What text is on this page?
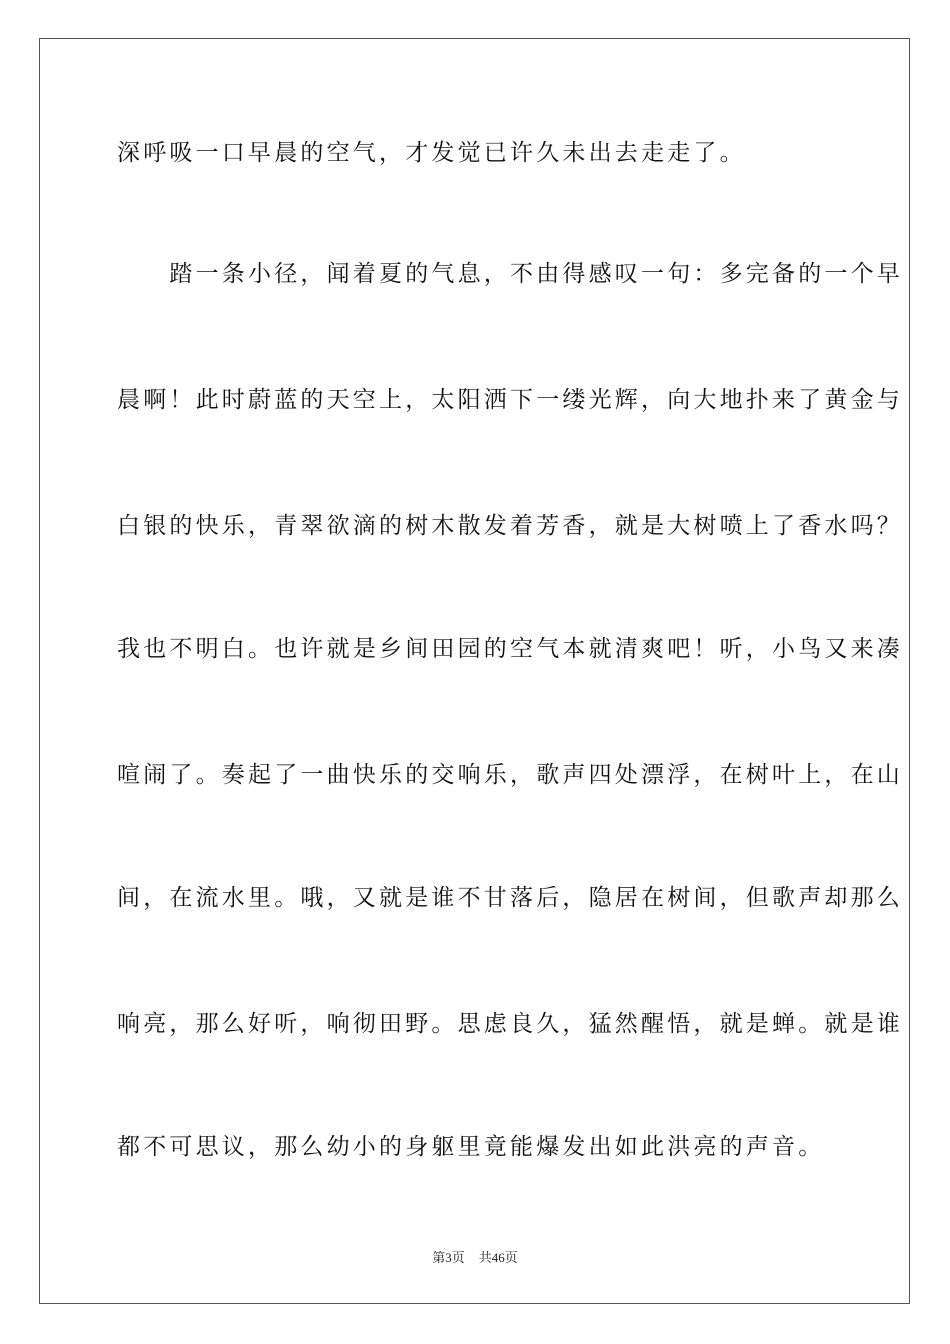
深呼吸一口早晨的空气，才发觉已许久未出去走走了。
　　踏一条小径，闻着夏的气息，不由得感叹一句：多完备的一个早
晨啊！此时蔚蓝的天空上，太阳洒下一缕光辉，向大地扑来了黄金与
白银的快乐，青翠欲滴的树木散发着芳香，就是大树喷上了香水吗？
我也不明白。也许就是乡间田园的空气本就清爽吧！听，小鸟又来凑
喧闹了。奏起了一曲快乐的交响乐，歌声四处漂浮，在树叶上，在山
间，在流水里。哦，又就是谁不甘落后，隐居在树间，但歌声却那么
响亮，那么好听，响彻田野。思虑良久，猛然醒悟，就是蝉。就是谁
都不可思议，那么幼小的身躯里竟能爆发出如此洪亮的声音。
第3页 共46页
